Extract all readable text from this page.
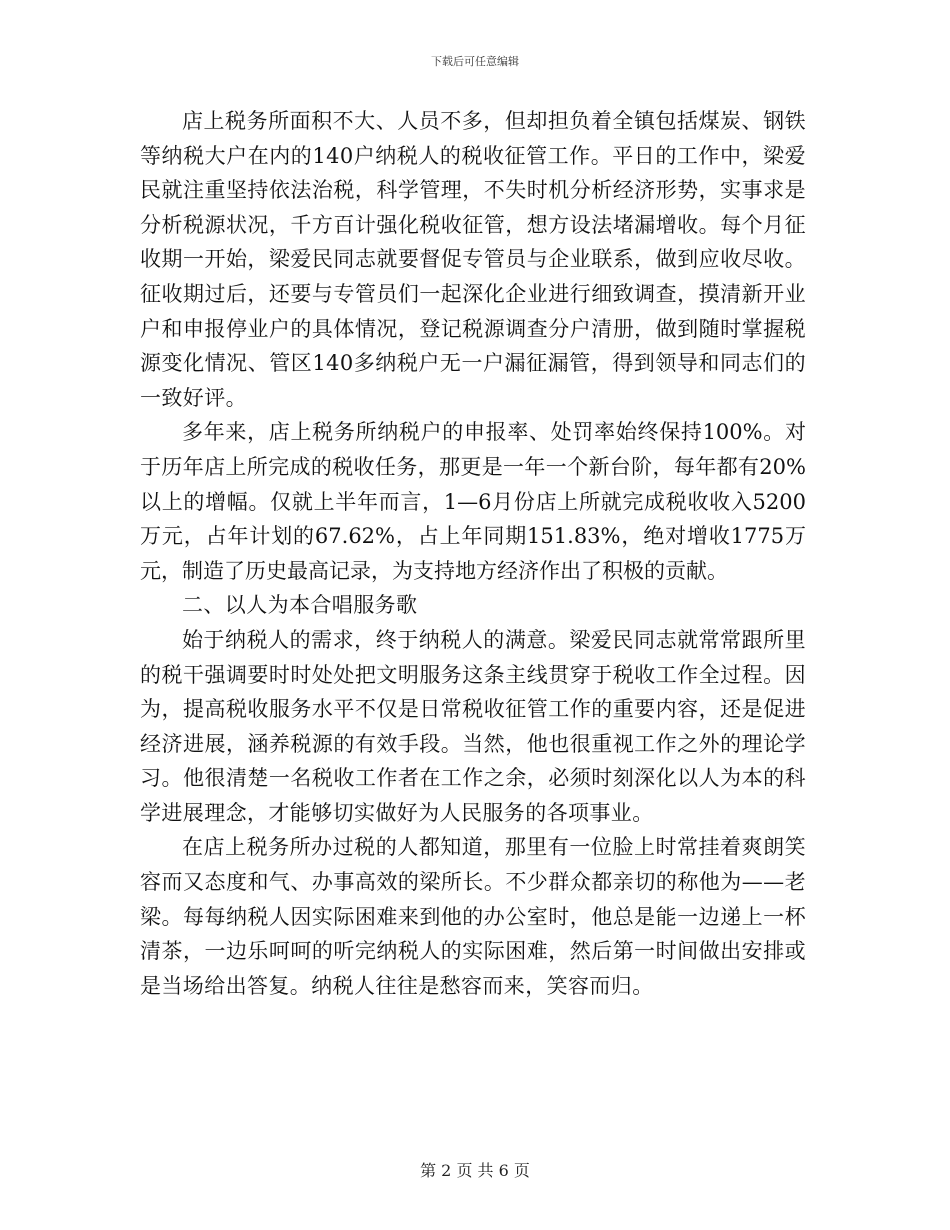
下载后可任意编辑

店上税务所面积不大、人员不多，但却担负着全镇包括煤炭、钢铁等纳税大户在内的140户纳税人的税收征管工作。平日的工作中，梁爱民就注重坚持依法治税，科学管理，不失时机分析经济形势，实事求是分析税源状况，千方百计强化税收征管，想方设法堵漏增收。每个月征收期一开始，梁爱民同志就要督促专管员与企业联系，做到应收尽收。征收期过后，还要与专管员们一起深化企业进行细致调查，摸清新开业户和申报停业户的具体情况，登记税源调查分户清册，做到随时掌握税源变化情况、管区140多纳税户无一户漏征漏管，得到领导和同志们的一致好评。

多年来，店上税务所纳税户的申报率、处罚率始终保持100%。对于历年店上所完成的税收任务，那更是一年一个新台阶，每年都有20%以上的增幅。仅就上半年而言，1—6月份店上所就完成税收收入5200万元，占年计划的67.62%，占上年同期151.83%，绝对增收1775万元，制造了历史最高记录，为支持地方经济作出了积极的贡献。

二、以人为本合唱服务歌

始于纳税人的需求，终于纳税人的满意。梁爱民同志就常常跟所里的税干强调要时时处处把文明服务这条主线贯穿于税收工作全过程。因为，提高税收服务水平不仅是日常税收征管工作的重要内容，还是促进经济进展，涵养税源的有效手段。当然，他也很重视工作之外的理论学习。他很清楚一名税收工作者在工作之余，必须时刻深化以人为本的科学进展理念，才能够切实做好为人民服务的各项事业。

在店上税务所办过税的人都知道，那里有一位脸上时常挂着爽朗笑容而又态度和气、办事高效的梁所长。不少群众都亲切的称他为——老梁。每每纳税人因实际困难来到他的办公室时，他总是能一边递上一杯清茶，一边乐呵呵的听完纳税人的实际困难，然后第一时间做出安排或是当场给出答复。纳税人往往是愁容而来，笑容而归。

第 2 页 共 6 页
